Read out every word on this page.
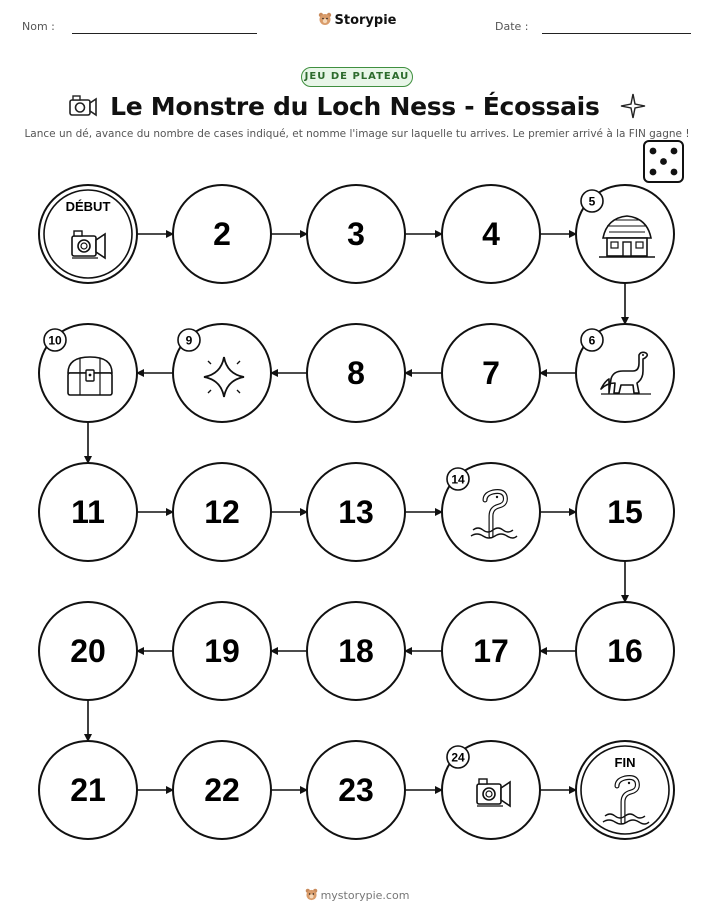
Nom :	Storypie	Date :
JEU DE PLATEAU
Le Monstre du Loch Ness - Écossais
Lance un dé, avance du nombre de cases indiqué, et nomme l'image sur laquelle tu arrives. Le premier arrivé à la FIN gagne !
DÉBUT
2	3	4
5
6
7
8
9
10
11	12	13
14
15
16
17
18
19
20
21	22	23
24	FIN
mystorypie.com
